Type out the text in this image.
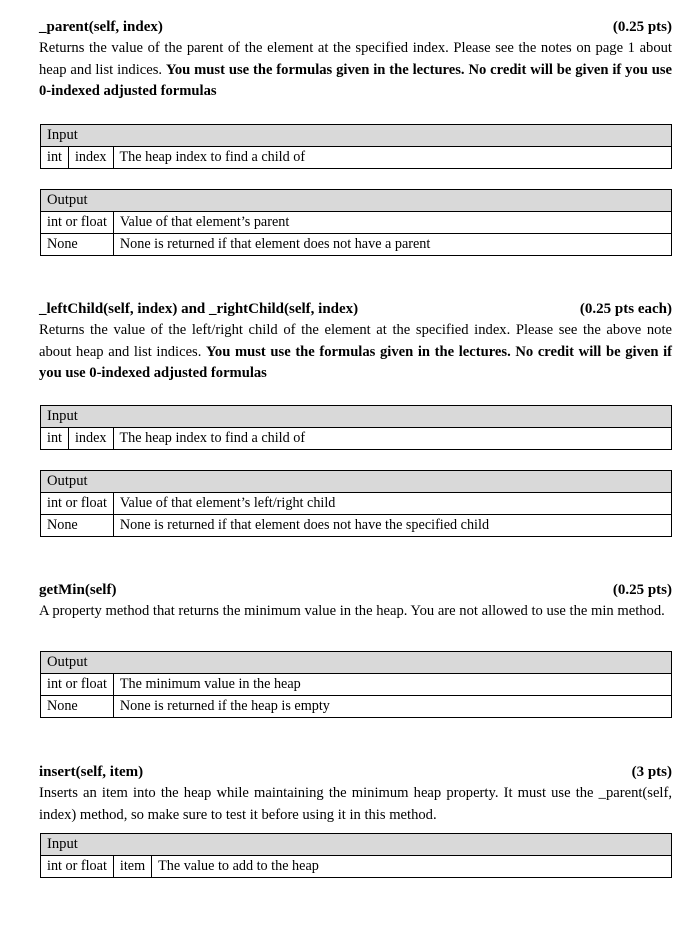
_parent(self, index)	(0.25 pts)
Returns the value of the parent of the element at the specified index. Please see the notes on page 1 about heap and list indices. You must use the formulas given in the lectures. No credit will be given if you use 0-indexed adjusted formulas
Input
int	index	The heap index to find a child of
Output	
int or float	Value of that element’s parent
None	None is returned if that element does not have a parent
_leftChild(self, index) and _rightChild(self, index)	(0.25 pts each)
Returns the value of the left/right child of the element at the specified index. Please see the above note about heap and list indices. You must use the formulas given in the lectures. No credit will be given if you use 0-indexed adjusted formulas
Input
int	index	The heap index to find a child of
Output	
int or float	Value of that element’s left/right child
None	None is returned if that element does not have the specified child
getMin(self)	(0.25 pts)
A property method that returns the minimum value in the heap. You are not allowed to use the min method.
Output	
int or float	The minimum value in the heap
None	None is returned if the heap is empty
insert(self, item)	(3 pts)
Inserts an item into the heap while maintaining the minimum heap property. It must use the _parent(self, index) method, so make sure to test it before using it in this method.
Input
int or float	item	The value to add to the heap
